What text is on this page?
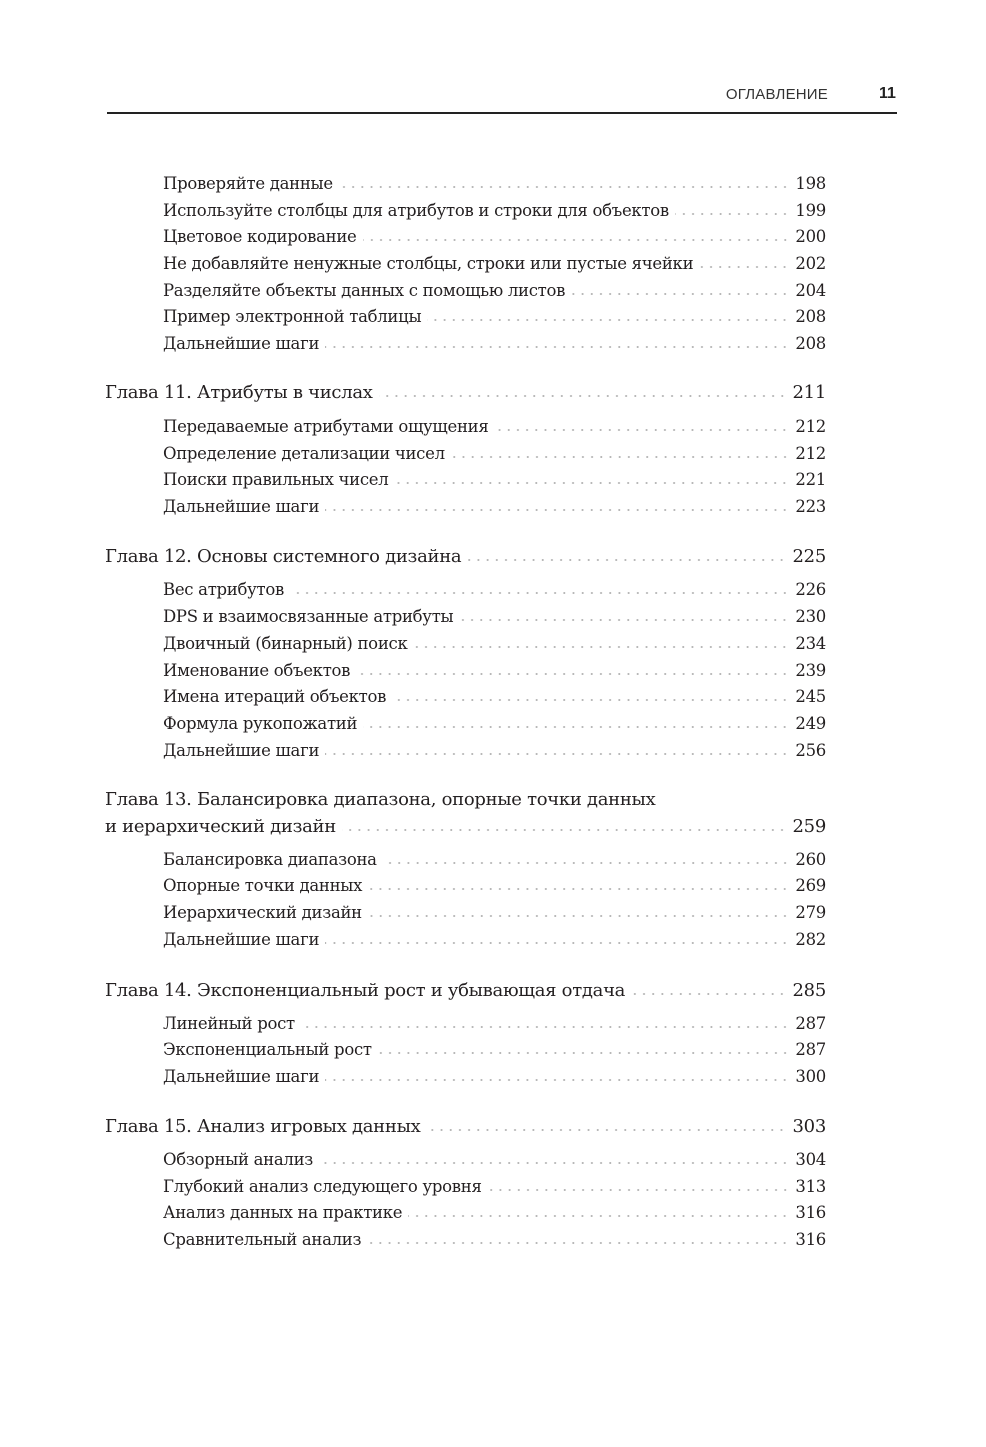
ОГЛАВЛЕНИЕ	11
Проверяйте данные	198
Используйте столбцы для атрибутов и строки для объектов	199
Цветовое кодирование	200
Не добавляйте ненужные столбцы, строки или пустые ячейки	202
Разделяйте объекты данных с помощью листов	204
Пример электронной таблицы	208
Дальнейшие шаги	208
Глава 11. Атрибуты в числах	211
Передаваемые атрибутами ощущения	212
Определение детализации чисел	212
Поиски правильных чисел	221
Дальнейшие шаги	223
Глава 12. Основы системного дизайна	225
Вес атрибутов	226
DPS и взаимосвязанные атрибуты	230
Двоичный (бинарный) поиск	234
Именование объектов	239
Имена итераций объектов	245
Формула рукопожатий	249
Дальнейшие шаги	256
Глава 13. Балансировка диапазона, опорные точки данных
и иерархический дизайн	259
Балансировка диапазона	260
Опорные точки данных	269
Иерархический дизайн	279
Дальнейшие шаги	282
Глава 14. Экспоненциальный рост и убывающая отдача	285
Линейный рост	287
Экспоненциальный рост	287
Дальнейшие шаги	300
Глава 15. Анализ игровых данных	303
Обзорный анализ	304
Глубокий анализ следующего уровня	313
Анализ данных на практике	316
Сравнительный анализ	316
